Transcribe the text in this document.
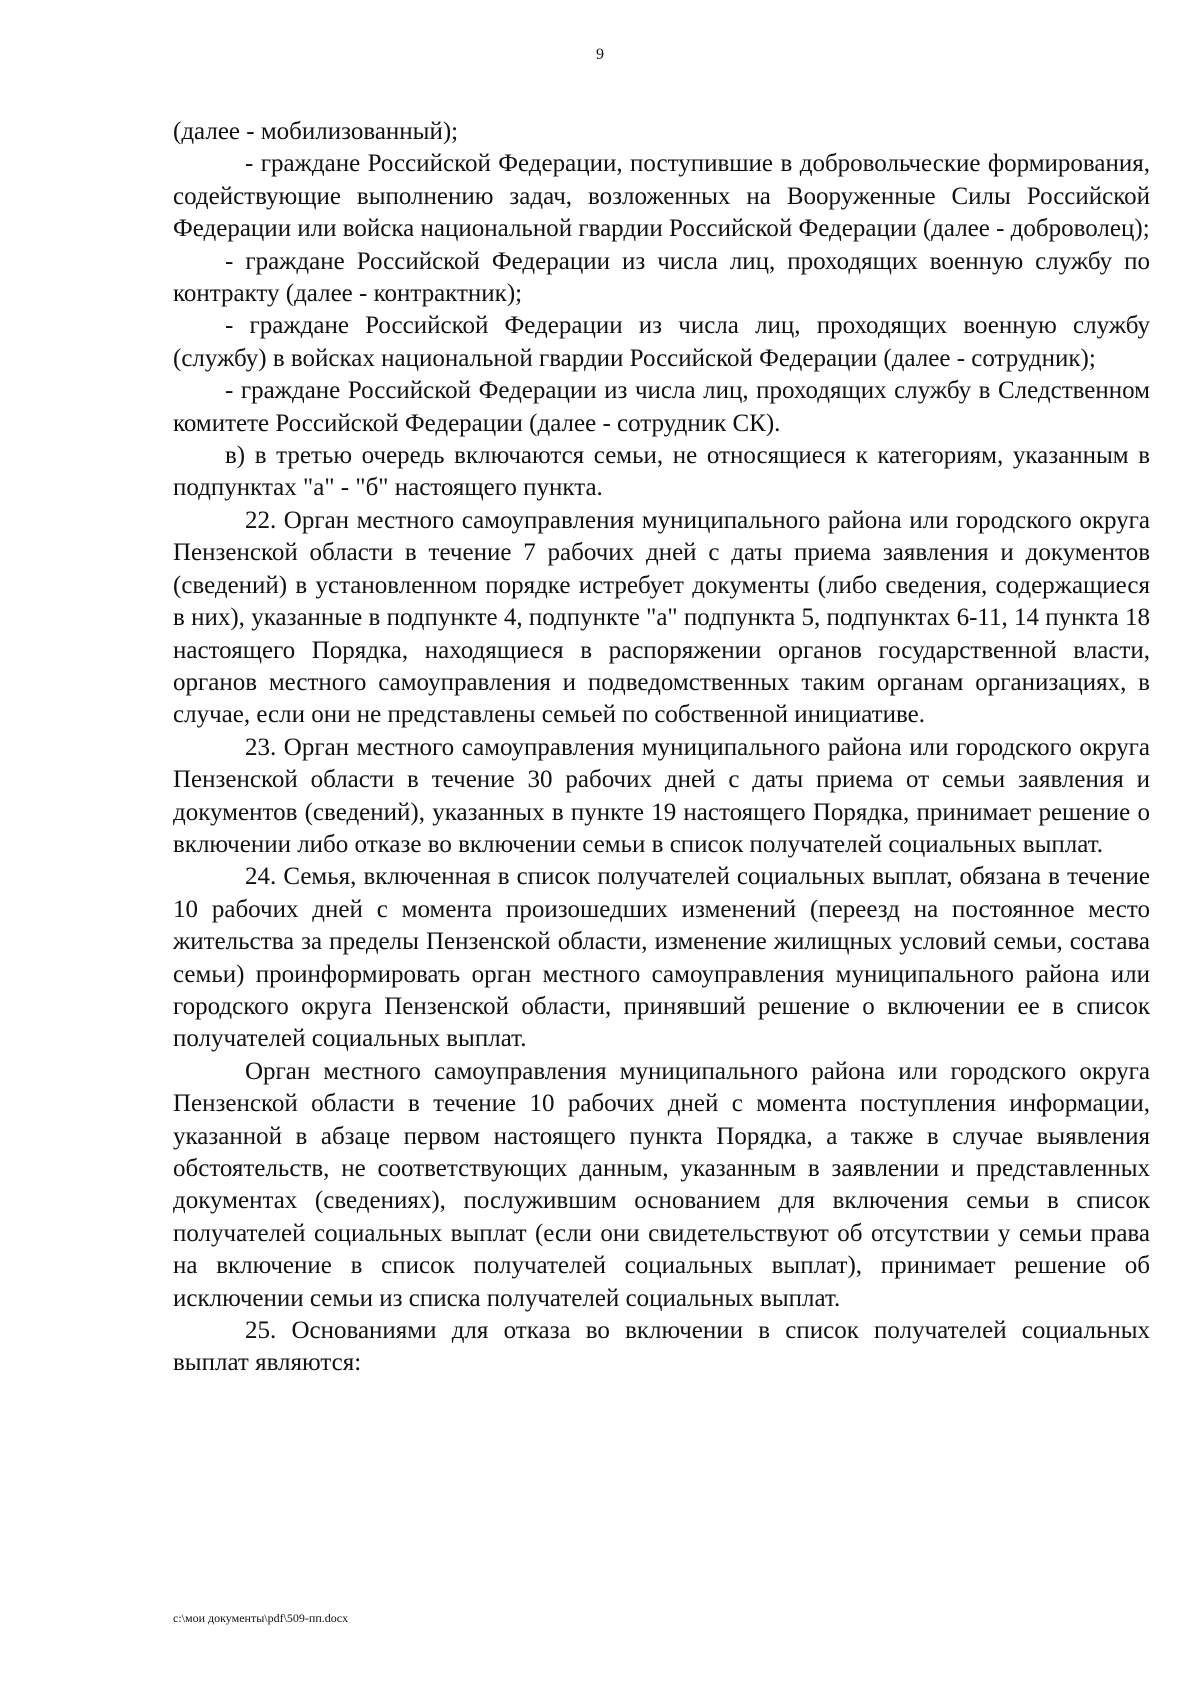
9

(далее - мобилизованный);

- граждане Российской Федерации, поступившие в добровольческие формирования, содействующие выполнению задач, возложенных на Вооруженные Силы Российской Федерации или войска национальной гвардии Российской Федерации (далее - доброволец);

- граждане Российской Федерации из числа лиц, проходящих военную службу по контракту (далее - контрактник);

- граждане Российской Федерации из числа лиц, проходящих военную службу (службу) в войсках национальной гвардии Российской Федерации (далее - сотрудник);

- граждане Российской Федерации из числа лиц, проходящих службу в Следственном комитете Российской Федерации (далее - сотрудник СК).

в) в третью очередь включаются семьи, не относящиеся к категориям, указанным в подпунктах "а" - "б" настоящего пункта.

22. Орган местного самоуправления муниципального района или городского округа Пензенской области в течение 7 рабочих дней с даты приема заявления и документов (сведений) в установленном порядке истребует документы (либо сведения, содержащиеся в них), указанные в подпункте 4, подпункте "а" подпункта 5, подпунктах 6-11, 14 пункта 18 настоящего Порядка, находящиеся в распоряжении органов государственной власти, органов местного самоуправления и подведомственных таким органам организациях, в случае, если они не представлены семьей по собственной инициативе.

23. Орган местного самоуправления муниципального района или городского округа Пензенской области в течение 30 рабочих дней с даты приема от семьи заявления и документов (сведений), указанных в пункте 19 настоящего Порядка, принимает решение о включении либо отказе во включении семьи в список получателей социальных выплат.

24. Семья, включенная в список получателей социальных выплат, обязана в течение 10 рабочих дней с момента произошедших изменений (переезд на постоянное место жительства за пределы Пензенской области, изменение жилищных условий семьи, состава семьи) проинформировать орган местного самоуправления муниципального района или городского округа Пензенской области, принявший решение о включении ее в список получателей социальных выплат.

Орган местного самоуправления муниципального района или городского округа Пензенской области в течение 10 рабочих дней с момента поступления информации, указанной в абзаце первом настоящего пункта Порядка, а также в случае выявления обстоятельств, не соответствующих данным, указанным в заявлении и представленных документах (сведениях), послужившим основанием для включения семьи в список получателей социальных выплат (если они свидетельствуют об отсутствии у семьи права на включение в список получателей социальных выплат), принимает решение об исключении семьи из списка получателей социальных выплат.

25. Основаниями для отказа во включении в список получателей социальных выплат являются:

c:\мои документы\pdf\509-пп.docx
